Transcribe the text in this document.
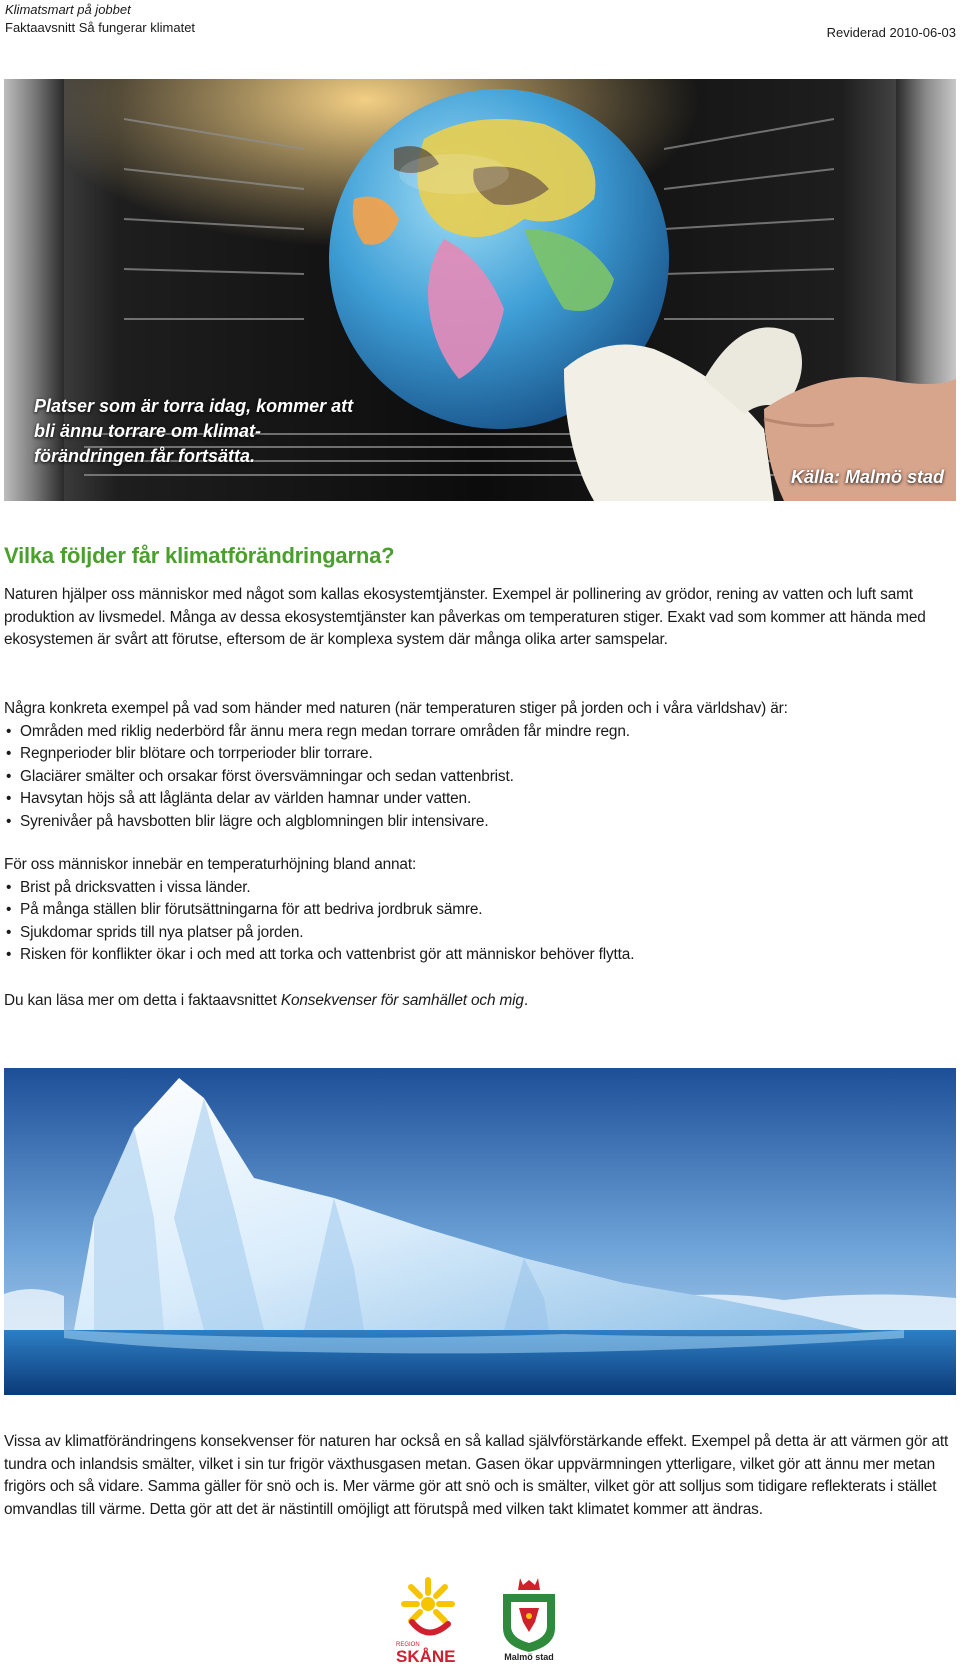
Klimatsmart på jobbet
Faktaavsnitt Så fungerar klimatet	Reviderad 2010-06-03
Platser som är torra idag, kommer att bli ännu torrare om klimat-förändringen får fortsätta.
Källa: Malmö stad
Vilka följder får klimatförändringarna?

Naturen hjälper oss människor med något som kallas ekosystemtjänster. Exempel är pollinering av grödor, rening av vatten och luft samt produktion av livsmedel. Många av dessa ekosystemtjänster kan påverkas om temperaturen stiger. Exakt vad som kommer att hända med ekosystemen är svårt att förutse, eftersom de är komplexa system där många olika arter samspelar.

Några konkreta exempel på vad som händer med naturen (när temperaturen stiger på jorden och i våra världshav) är:

• Områden med riklig nederbörd får ännu mera regn medan torrare områden får mindre regn.
• Regnperioder blir blötare och torrperioder blir torrare.
• Glaciärer smälter och orsakar först översvämningar och sedan vattenbrist.
• Havsytan höjs så att låglänta delar av världen hamnar under vatten.
• Syrenivåer på havsbotten blir lägre och algblomningen blir intensivare.

För oss människor innebär en temperaturhöjning bland annat:

• Brist på dricksvatten i vissa länder.
• På många ställen blir förutsättningarna för att bedriva jordbruk sämre.
• Sjukdomar sprids till nya platser på jorden.
• Risken för konflikter ökar i och med att torka och vattenbrist gör att människor behöver flytta.

Du kan läsa mer om detta i faktaavsnittet Konsekvenser för samhället och mig.

Vissa av klimatförändringens konsekvenser för naturen har också en så kallad självförstärkande effekt. Exempel på detta är att värmen gör att tundra och inlandsis smälter, vilket i sin tur frigör växthusgasen metan. Gasen ökar uppvärmningen ytterligare, vilket gör att ännu mer metan frigörs och så vidare. Samma gäller för snö och is. Mer värme gör att snö och is smälter, vilket gör att solljus som tidigare reflekterats i stället omvandlas till värme. Detta gör att det är nästintill omöjligt att förutspå med vilken takt klimatet kommer att ändras.

REGION
SKÅNE	Malmö stad
